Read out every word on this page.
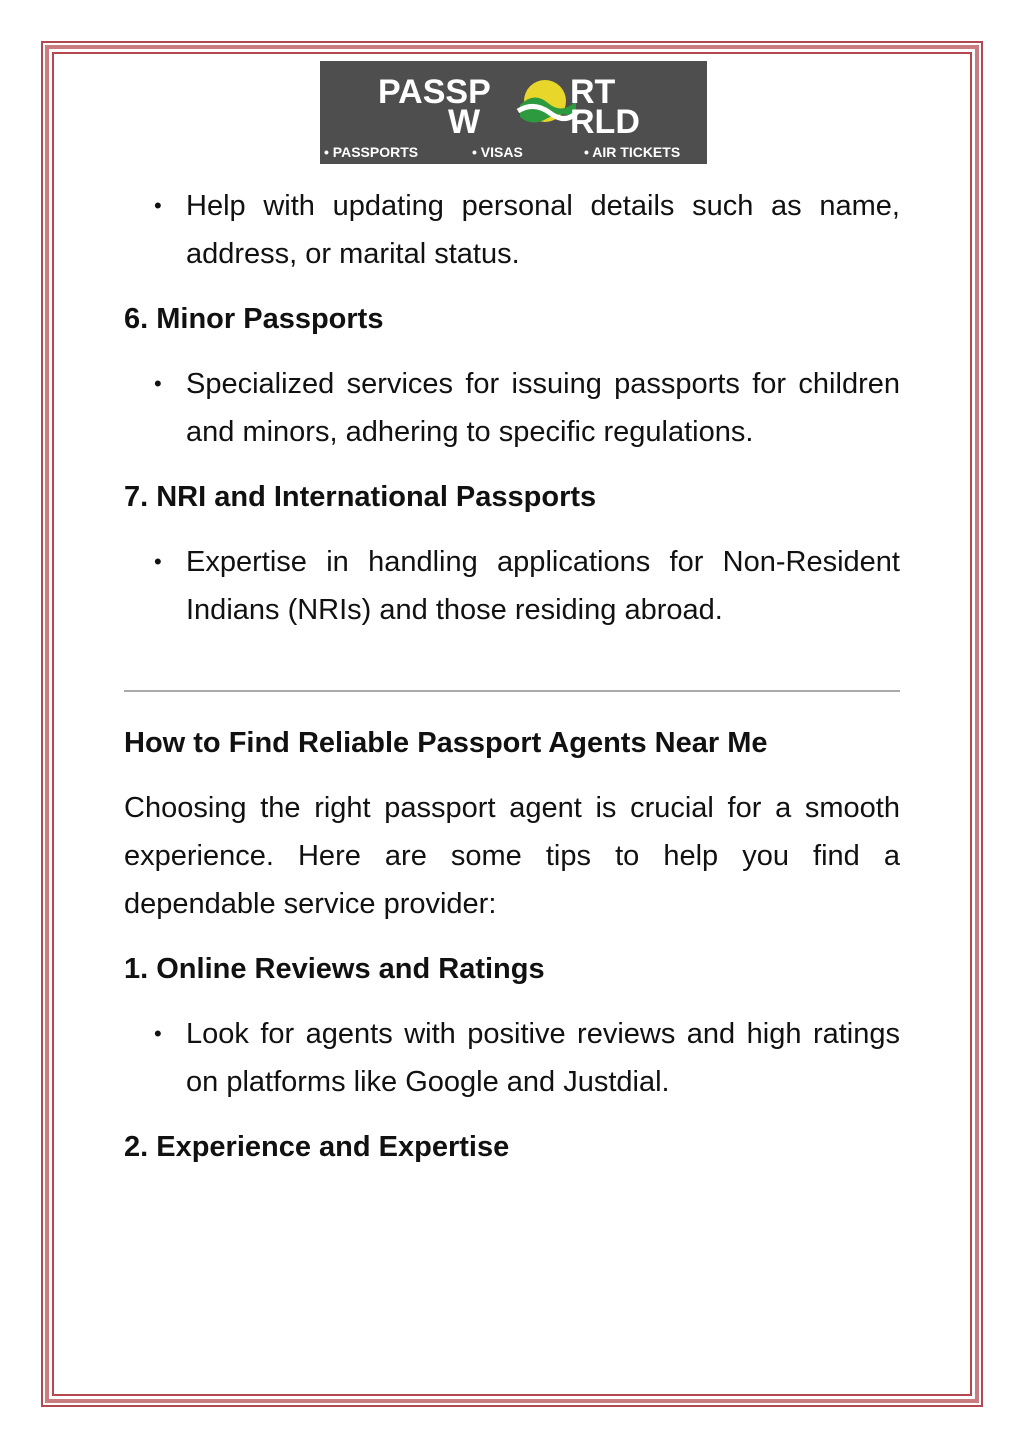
PASSP RT
W	RLD
• PASSPORTS	• VISAS	• AIR TICKETS

• Help with updating personal details such as name, address, or marital status.

6. Minor Passports

• Specialized services for issuing passports for children and minors, adhering to specific regulations.

7. NRI and International Passports

• Expertise in handling applications for Non-Resident Indians (NRIs) and those residing abroad.

How to Find Reliable Passport Agents Near Me

Choosing the right passport agent is crucial for a smooth experience. Here are some tips to help you find a dependable service provider:

1. Online Reviews and Ratings

• Look for agents with positive reviews and high ratings on platforms like Google and Justdial.

2. Experience and Expertise
